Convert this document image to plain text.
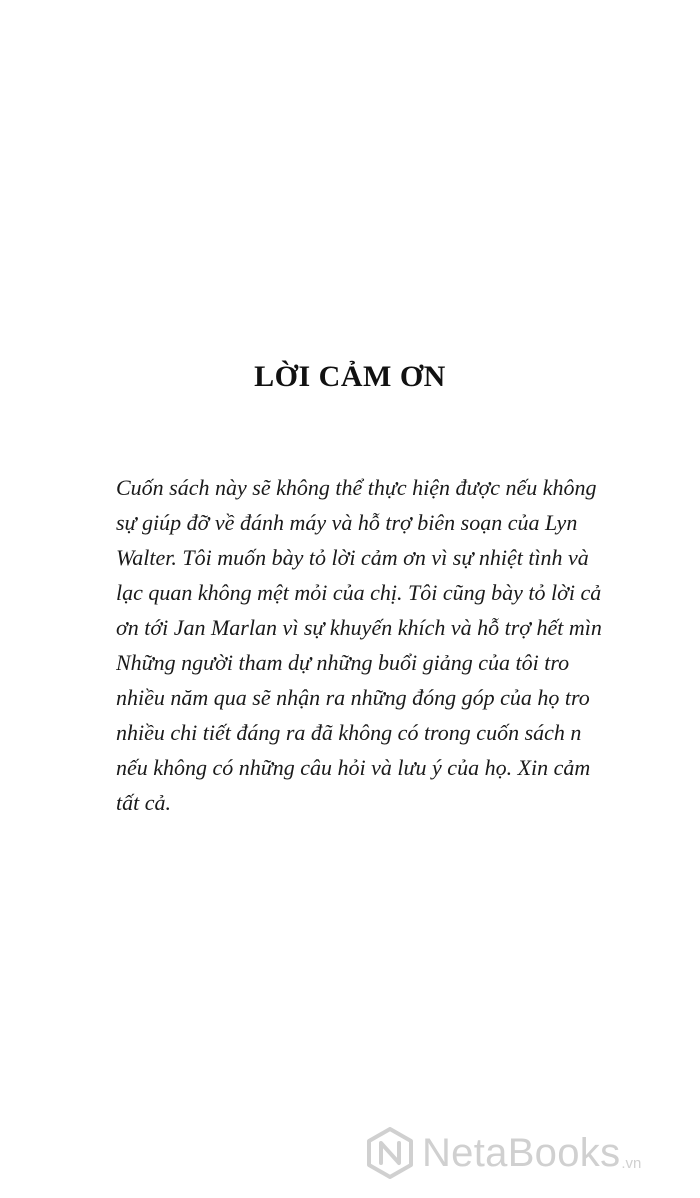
LỜI CẢM ƠN
Cuốn sách này sẽ không thể thực hiện được nếu không
sự giúp đỡ về đánh máy và hỗ trợ biên soạn của Lyn
Walter. Tôi muốn bày tỏ lời cảm ơn vì sự nhiệt tình và
lạc quan không mệt mỏi của chị. Tôi cũng bày tỏ lời cả
ơn tới Jan Marlan vì sự khuyến khích và hỗ trợ hết mìn
Những người tham dự những buổi giảng của tôi tro
nhiều năm qua sẽ nhận ra những đóng góp của họ tro
nhiều chi tiết đáng ra đã không có trong cuốn sách n
nếu không có những câu hỏi và lưu ý của họ. Xin cảm
tất cả.
NetaBooks .vn
